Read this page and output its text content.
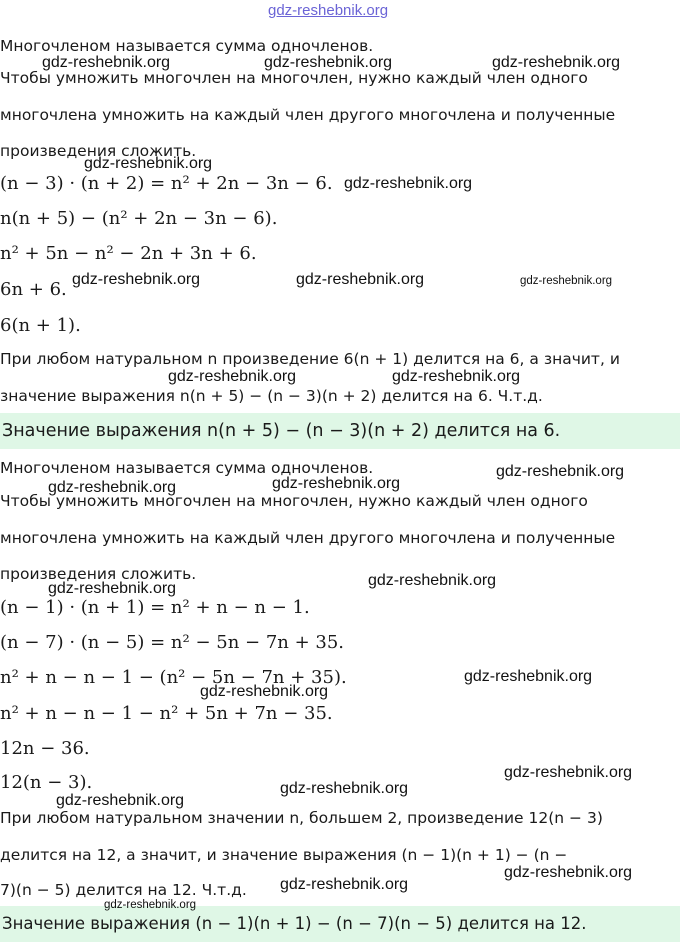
gdz-reshebnik.org
Многочленом называется сумма одночленов.
Чтобы умножить многочлен на многочлен, нужно каждый член одного
многочлена умножить на каждый член другого многочлена и полученные
произведения сложить.
(n − 3) · (n + 2) = n² + 2n − 3n − 6.
n(n + 5) − (n² + 2n − 3n − 6).
n² + 5n − n² − 2n + 3n + 6.
6n + 6.
6(n + 1).
При любом натуральном n произведение 6(n + 1) делится на 6, а значит, и
значение выражения n(n + 5) − (n − 3)(n + 2) делится на 6. Ч.т.д.
Значение выражения n(n + 5) − (n − 3)(n + 2) делится на 6.
Многочленом называется сумма одночленов.
Чтобы умножить многочлен на многочлен, нужно каждый член одного
многочлена умножить на каждый член другого многочлена и полученные
произведения сложить.
(n − 1) · (n + 1) = n² + n − n − 1.
(n − 7) · (n − 5) = n² − 5n − 7n + 35.
n² + n − n − 1 − (n² − 5n − 7n + 35).
n² + n − n − 1 − n² + 5n + 7n − 35.
12n − 36.
12(n − 3).
При любом натуральном значении n, большем 2, произведение 12(n − 3)
делится на 12, а значит, и значение выражения (n − 1)(n + 1) − (n −
7)(n − 5) делится на 12. Ч.т.д.
Значение выражения (n − 1)(n + 1) − (n − 7)(n − 5) делится на 12.
gdz-reshebnik.org	gdz-reshebnik.org	gdz-reshebnik.org
gdz-reshebnik.org
gdz-reshebnik.org
gdz-reshebnik.org	gdz-reshebnik.org	gdz-reshebnik.org
gdz-reshebnik.org	gdz-reshebnik.org
gdz-reshebnik.org
gdz-reshebnik.org	gdz-reshebnik.org
gdz-reshebnik.org
gdz-reshebnik.org
gdz-reshebnik.org
gdz-reshebnik.org
gdz-reshebnik.org
gdz-reshebnik.org
gdz-reshebnik.org
gdz-reshebnik.org
gdz-reshebnik.org
gdz-reshebnik.org
